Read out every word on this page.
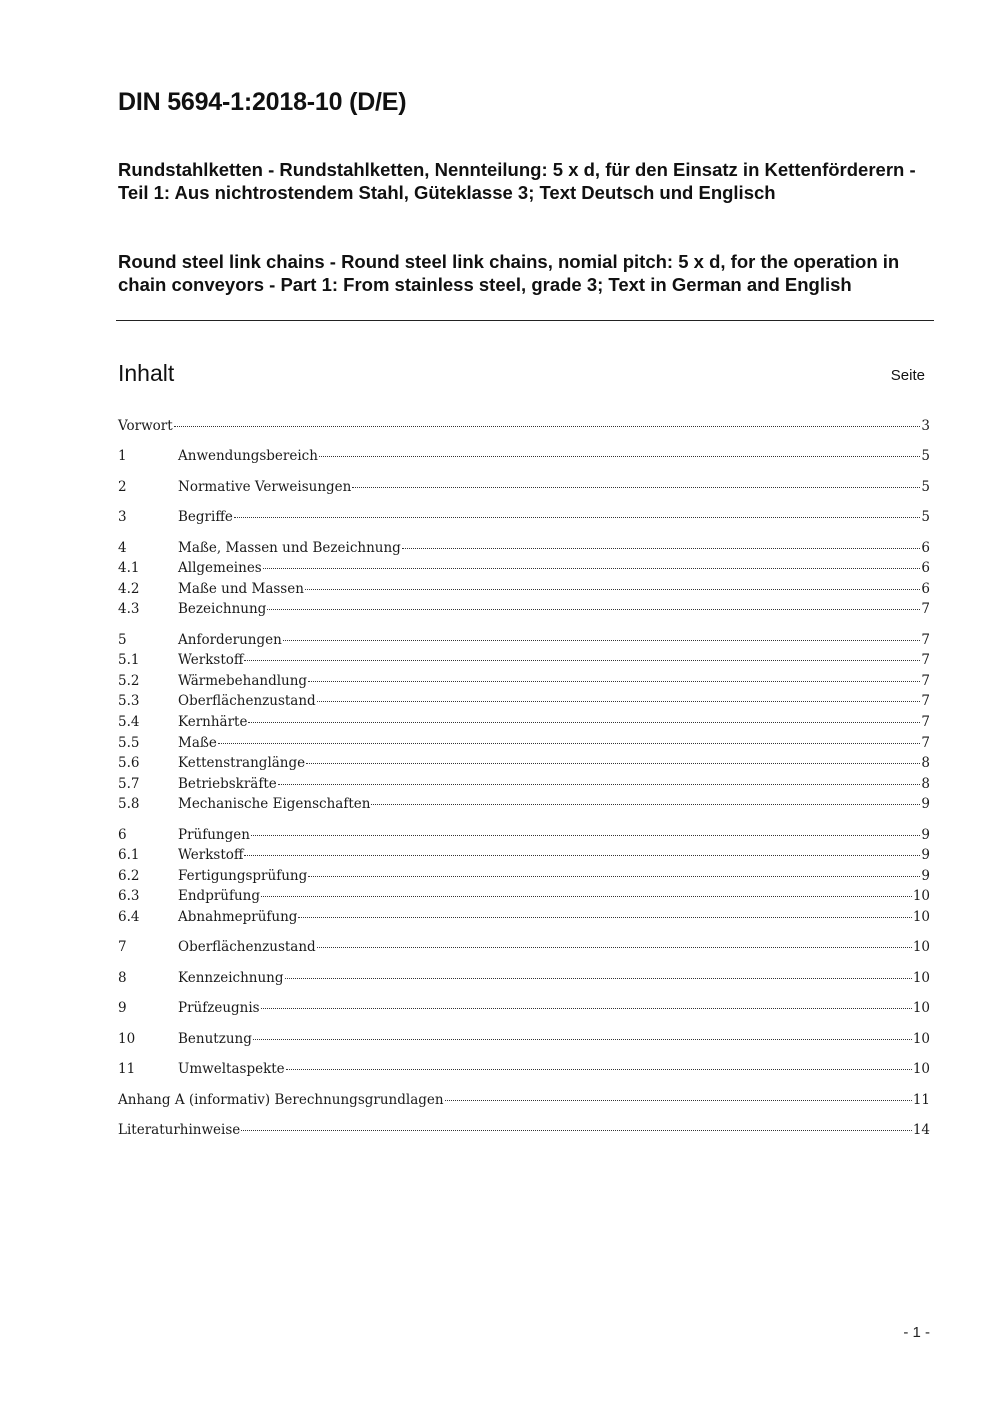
DIN 5694-1:2018-10 (D/E)
Rundstahlketten - Rundstahlketten, Nennteilung: 5 x d, für den Einsatz in Kettenförderern - Teil 1: Aus nichtrostendem Stahl, Güteklasse 3; Text Deutsch und Englisch
Round steel link chains - Round steel link chains, nomial pitch: 5 x d, for the operation in chain conveyors - Part 1: From stainless steel, grade 3; Text in German and English
Inhalt	Seite
Vorwort	3
1	Anwendungsbereich	5
2	Normative Verweisungen	5
3	Begriffe	5
4	Maße, Massen und Bezeichnung	6
4.1	Allgemeines	6
4.2	Maße und Massen	6
4.3	Bezeichnung	7
5	Anforderungen	7
5.1	Werkstoff	7
5.2	Wärmebehandlung	7
5.3	Oberflächenzustand	7
5.4	Kernhärte	7
5.5	Maße	7
5.6	Kettenstranglänge	8
5.7	Betriebskräfte	8
5.8	Mechanische Eigenschaften	9
6	Prüfungen	9
6.1	Werkstoff	9
6.2	Fertigungsprüfung	9
6.3	Endprüfung	10
6.4	Abnahmeprüfung	10
7	Oberflächenzustand	10
8	Kennzeichnung	10
9	Prüfzeugnis	10
10	Benutzung	10
11	Umweltaspekte	10
Anhang A (informativ) Berechnungsgrundlagen	11
Literaturhinweise	14
- 1 -
